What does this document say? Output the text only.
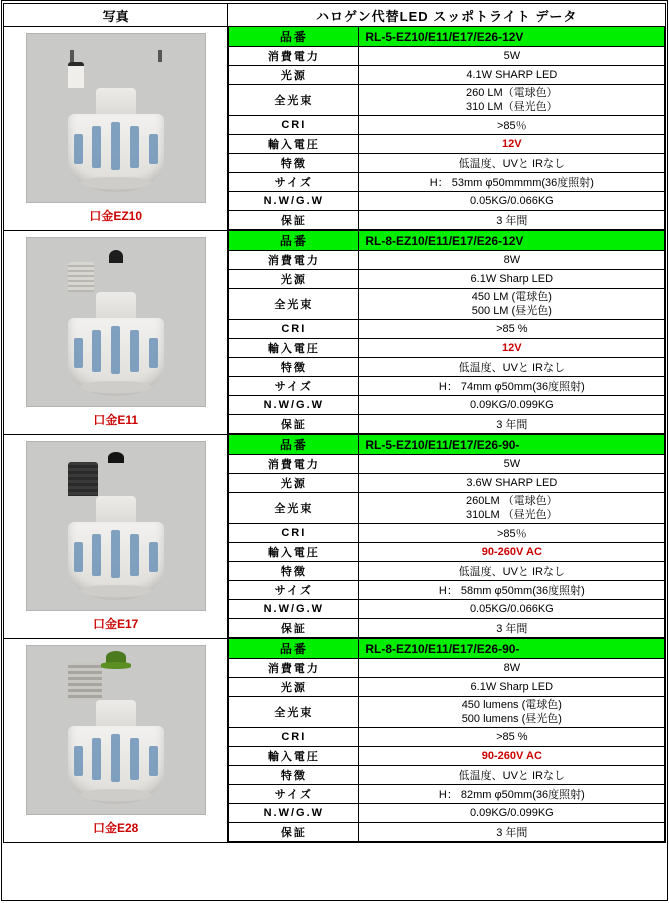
写真	ハロゲン代替LED スッポトライト データ

口金EZ10

品番	RL-5-EZ10/E11/E17/E26-12V
消費電力	5W
光源	4.1W SHARP LED
全光束	
260 LM（電球色）
310 LM（昼光色）

CRI	>85％
輸入電圧	12V
特徴	低温度、UVと IRなし
サイズ	H： 53mm φ50mmmm(36度照射)
N.W/G.W	0.05KG/0.066KG
保証	3 年間

口金E11

品番	RL-8-EZ10/E11/E17/E26-12V
消費電力	8W
光源	6.1W Sharp LED
全光束	
450 LM (電球色)
500 LM (昼光色)

CRI	>85 %
輸入電圧	12V
特徴	低温度、UVと IRなし
サイズ	H： 74mm φ50mm(36度照射)
N.W/G.W	0.09KG/0.099KG
保証	3 年間

口金E17

品番	RL-5-EZ10/E11/E17/E26-90-
消費電力	5W
光源	3.6W SHARP LED
全光束	
260LM （電球色）
310LM （昼光色）

CRI	>85％
輸入電圧	90-260V AC
特徴	低温度、UVと IRなし
サイズ	H： 58mm φ50mm(36度照射)
N.W/G.W	0.05KG/0.066KG
保証	3 年間

口金E28

品番	RL-8-EZ10/E11/E17/E26-90-
消費電力	8W
光源	6.1W Sharp LED
全光束	
450 lumens (電球色)
500 lumens (昼光色)

CRI	>85 %
輸入電圧	90-260V AC
特徴	低温度、UVと IRなし
サイズ	H： 82mm φ50mm(36度照射)
N.W/G.W	0.09KG/0.099KG
保証	3 年間
